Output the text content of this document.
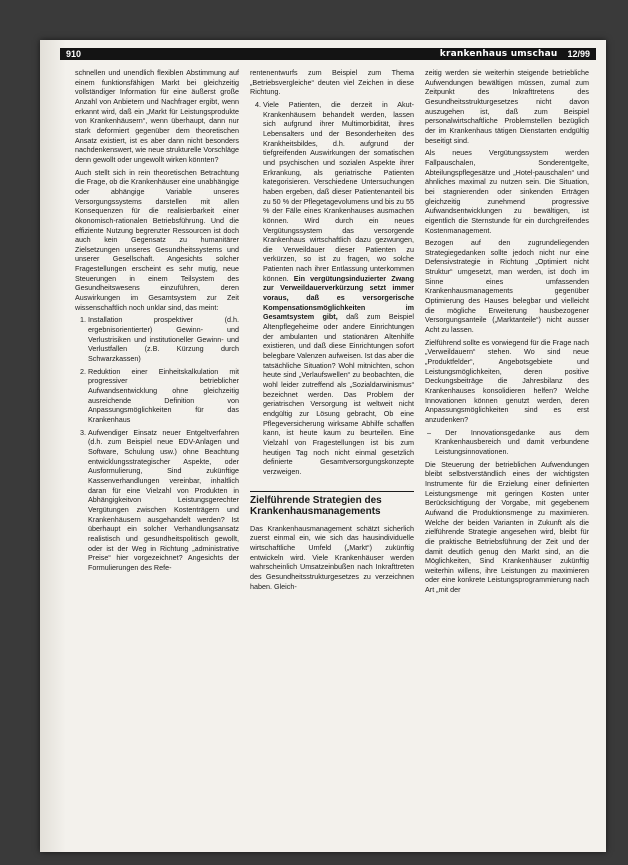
910	krankenhaus umschau 12/99

schnellen und unendlich flexiblen Abstimmung auf einem funktionsfähigen Markt bei gleichzeitig vollständiger Information für eine äußerst große Anzahl von Anbietern und Nachfrager ergibt, wenn erkannt wird, daß ein „Markt für Leistungsprodukte von Krankenhäusern“, wenn überhaupt, dann nur stark deformiert gegenüber dem theoretischen Ansatz existiert, ist es aber dann nicht besonders nachdenkenswert, wie neue strukturelle Vorschläge denn gewollt oder ungewollt wirken könnten?

Auch stellt sich in rein theoretischen Betrachtung die Frage, ob die Krankenhäuser eine unabhängige oder abhängige Variable unseres Versorgungssystems darstellen mit allen Konsequenzen für die realisierbarkeit einer ökonomisch-rationalen Betriebsführung. Und die effiziente Nutzung begrenzter Ressourcen ist doch auch kein Gegensatz zu humanitärer Zielsetzungen unseres Gesundheitssystems und unserer Gesellschaft. Angesichts solcher Fragestellungen erscheint es sehr mutig, neue Steuerungen in einem Teilsystem des Gesundheitswesens einzuführen, deren Auswirkungen im Gesamtsystem zur Zeit wissenschaftlich noch unklar sind, das meint:

1. Installation prospektiver (d.h. ergebnisorientierter) Gewinn- und Verlustrisiken und institutioneller Gewinn- und Verlustfallen (z.B. Kürzung durch Schwarzkassen)
2. Reduktion einer Einheitskalkulation mit progressiver betrieblicher Aufwandsentwicklung ohne gleichzeitig ausreichende Definition von Anpassungsmöglichkeiten für das Krankenhaus
3. Aufwendiger Einsatz neuer Entgeltverfahren (d.h. zum Beispiel neue EDV-Anlagen und Software, Schulung usw.) ohne Beachtung entwicklungsstrategischer Aspekte, oder Ausformulierung, Sind zukünftige Kassenverhandlungen vereinbar, inhaltlich daran für eine Vielzahl von Produkten in Abhängigkeitvon Leistungsgerechter Vergütungen zwischen Kostenträgern und Krankenhäusern ausgehandelt werden? Ist überhaupt ein solcher Verhandlungsansatz realistisch und gesundheitspolitisch gewollt, oder ist der Weg in Richtung „administrative Preise“ hier vorgezeichnet? Angesichts der Formulierungen des Refe-

rentenentwurfs zum Beispiel zum Thema „Betriebsvergleiche“ deuten viel Zeichen in diese Richtung.

4. Viele Patienten, die derzeit in Akut-Krankenhäusern behandelt werden, lassen sich aufgrund ihrer Multimorbidität, ihres Lebensalters und der Besonderheiten des Krankheitsbildes, d.h. aufgrund der tiefgreifenden Auswirkungen der somatischen und psychischen und sozialen Aspekte ihrer Erkrankung, als geriatrische Patienten kategorisieren. Verschiedene Untersuchungen haben ergeben, daß dieser Patientenanteil bis zu 50 % der Pflegetagevolumens und bis zu 55 % der Fälle eines Krankenhauses ausmachen können. Wird durch ein neues Vergütungssystem das versorgende Krankenhaus wirtschaftlich dazu gezwungen, die Verweildauer dieser Patienten zu verkürzen, so ist zu fragen, wo solche Patienten nach ihrer Entlassung unterkommen können. Ein vergütungsinduzierter Zwang zur Verweildauerverkürzung setzt immer voraus, daß es versorgerische Kompensationsmöglichkeiten im Gesamtsystem gibt, daß zum Beispiel Altenpflegeheime oder andere Einrichtungen der ambulanten und stationären Altenhilfe existieren, und daß diese Einrichtungen sofort belegbare Valenzen aufweisen. Ist das aber die tatsächliche Situation? Wohl mitnichten, schon heute sind „Verlaufswellen“ zu beobachten, die wohl leider zutreffend als „Sozialdarwinismus“ bezeichnet werden. Das Problem der geriatrischen Versorgung ist weltweit nicht endgültig zur Lösung gebracht, Ob eine Pflegeversicherung wirksame Abhilfe schaffen kann, ist heute kaum zu beurteilen. Eine Vielzahl von Fragestellungen ist bis zum heutigen Tag noch nicht einmal gesetzlich definierte Gesamtversorgungskonzepte verzweigen.
Zielführende Strategien des Krankenhausmanagements

Das Krankenhausmanagement schätzt sicherlich zuerst einmal ein, wie sich das hausindividuelle wirtschaftliche Umfeld („Markt“) zukünftig entwickeln wird. Viele Krankenhäuser werden wahrscheinlich Umsatzeinbußen nach Inkrafttreten des Gesundheitsstrukturgesetzes zu verzeichnen haben. Gleich-

zeitig werden sie weiterhin steigende betriebliche Aufwendungen bewältigen müssen, zumal zum Zeitpunkt des Inkrafttretens des Gesundheitsstrukturgesetzes nicht davon auszugehen ist, daß zum Beispiel personalwirtschaftliche Problemstellen bezüglich der im Krankenhaus tätigen Dienstarten endgültig beseitigt sind.

Als neues Vergütungssystem werden Fallpauschalen, Sonderentgelte, Abteilungspflegesätze und „Hotel-pauschalen“ und ähnliches maximal zu nutzen sein. Die Situation, bei stagnierenden oder sinkenden Erträgen gleichzeitig zunehmend progressive Aufwandsentwicklungen zu bewältigen, ist eigentlich die Sternstunde für ein durchgreifendes Kostenmanagement.

Bezogen auf den zugrundeliegenden Strategiegedanken sollte jedoch nicht nur eine Defensivstrategie in Richtung „Optimiert nicht Struktur“ umgesetzt, man werden, ist doch im Sinne eines umfassenden Krankenhausmanagements gegenüber Optimierung des Hauses belegbar und vielleicht die mögliche Erweiterung hausbezogener Versorgungsanteile („Marktanteile“) nicht ausser Acht zu lassen.

Zielführend sollte es vorwiegend für die Frage nach „Verweildauern“ stehen. Wo sind neue „Produktfelder“, Angebotsgebiete und Leistungsmöglichkeiten, deren positive Deckungsbeiträge die Jahresbilanz des Krankenhauses konsolidieren helfen? Welche Innovationen können genutzt werden, deren Anpassungsmöglichkeiten sind es erst anzudenken?

– Der Innovationsgedanke aus dem Krankenhausbereich und damit verbundene Leistungsinnovationen.

Die Steuerung der betrieblichen Aufwendungen bleibt selbstverständlich eines der wichtigsten Instrumente für die Erzielung einer definierten Leistungsmenge mit geringen Kosten unter Berücksichtigung der Vorgabe, mit gegebenem Aufwand die Produktionsmenge zu maximieren. Welche der beiden Varianten in Zukunft als die zielführende Strategie angesehen wird, bleibt für die praktische Betriebsführung der Zeit und der damit deutlich genug den Markt sind, an die Möglichkeiten, Sind Krankenhäuser zukünftig weiterhin willens, ihre Leistungen zu maximieren oder eine konkrete Leistungsprogrammierung nach Art „mit der
